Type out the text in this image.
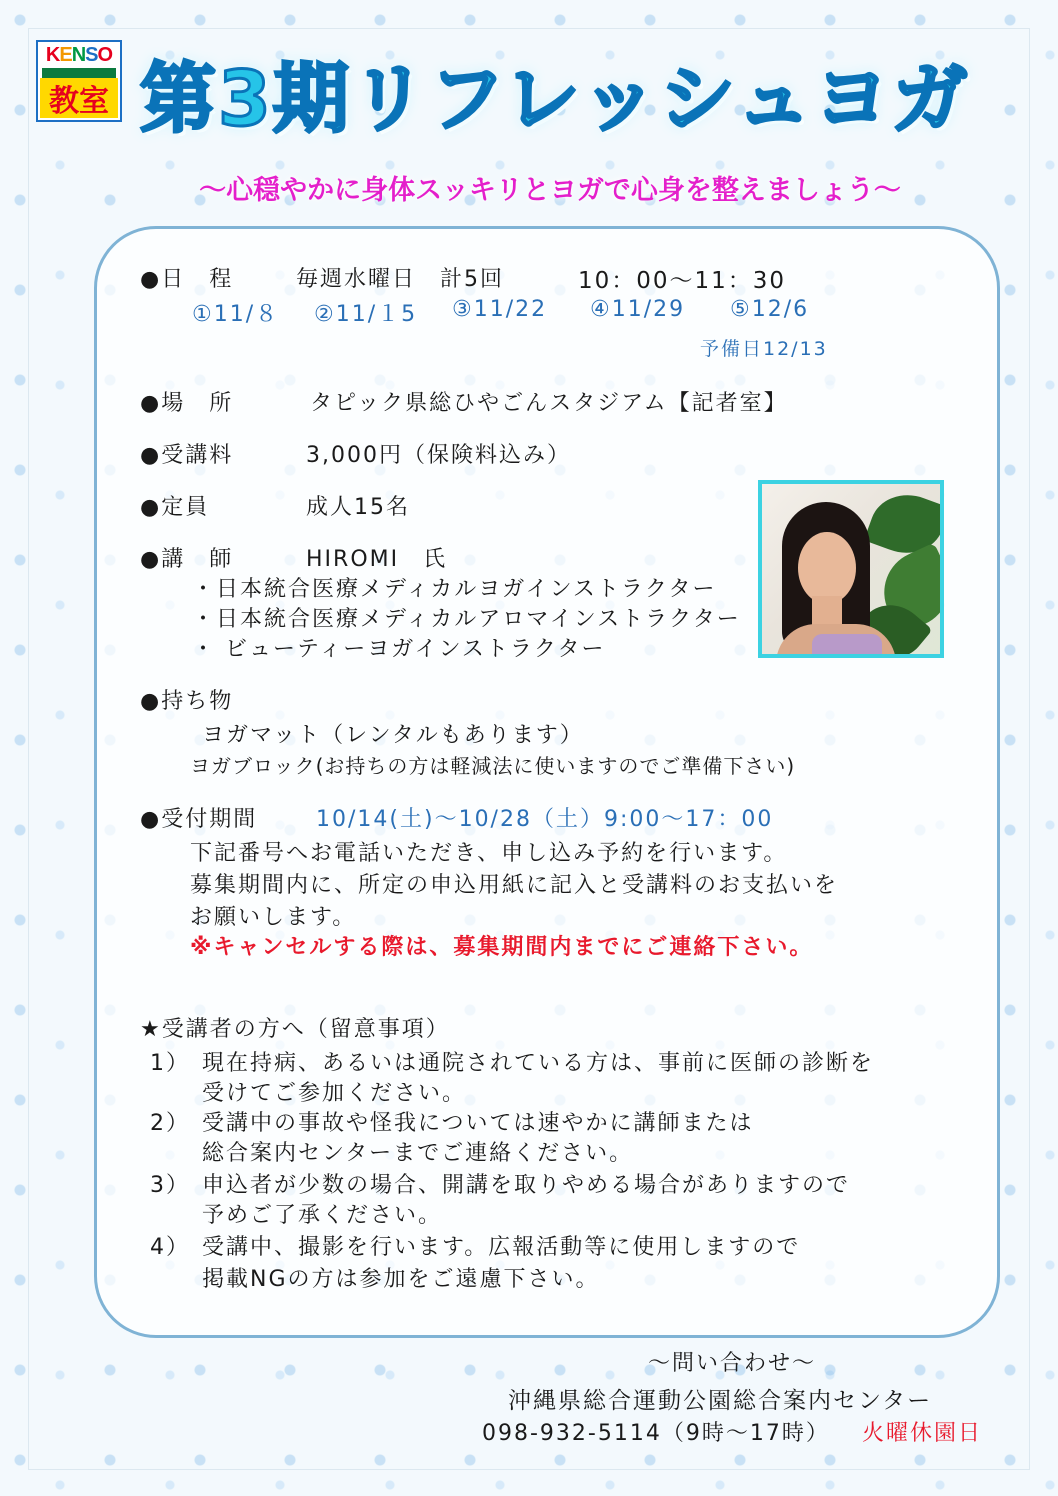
K E N S O
教室 第3期リフレッシュヨガ
〜心穏やかに身体スッキリとヨガで心身を整えましょう〜
●日　程	毎週水曜日　計5回	10：00〜11：30
①11/８ ②11/１5 ③11/22 ④11/29 ⑤12/6
予備日12/13
●場　所	タピック県総ひやごんスタジアム【記者室】
●受講料	3,000円（保険料込み）
●定員	成人15名
●講　師	HIROMI　氏
・日本統合医療メディカルヨガインストラクター
・日本統合医療メディカルアロマインストラクター
・ ビューティーヨガインストラクター
●持ち物
ヨガマット（レンタルもあります）
ヨガブロック(お持ちの方は軽減法に使いますのでご準備下さい)
●受付期間	10/14(土)〜10/28（土）9:00〜17：00
下記番号へお電話いただき、申し込み予約を行います。
募集期間内に、所定の申込用紙に記入と受講料のお支払いを
お願いします。
※キャンセルする際は、募集期間内までにご連絡下さい。
★受講者の方へ（留意事項）
1） 現在持病、あるいは通院されている方は、事前に医師の診断を
受けてご参加ください。
2） 受講中の事故や怪我については速やかに講師または
総合案内センターまでご連絡ください。
3） 申込者が少数の場合、開講を取りやめる場合がありますので
予めご了承ください。
4） 受講中、撮影を行います。広報活動等に使用しますので
掲載NGの方は参加をご遠慮下さい。
〜問い合わせ〜
沖縄県総合運動公園総合案内センター
098-932-5114（9時〜17時） 火曜休園日
